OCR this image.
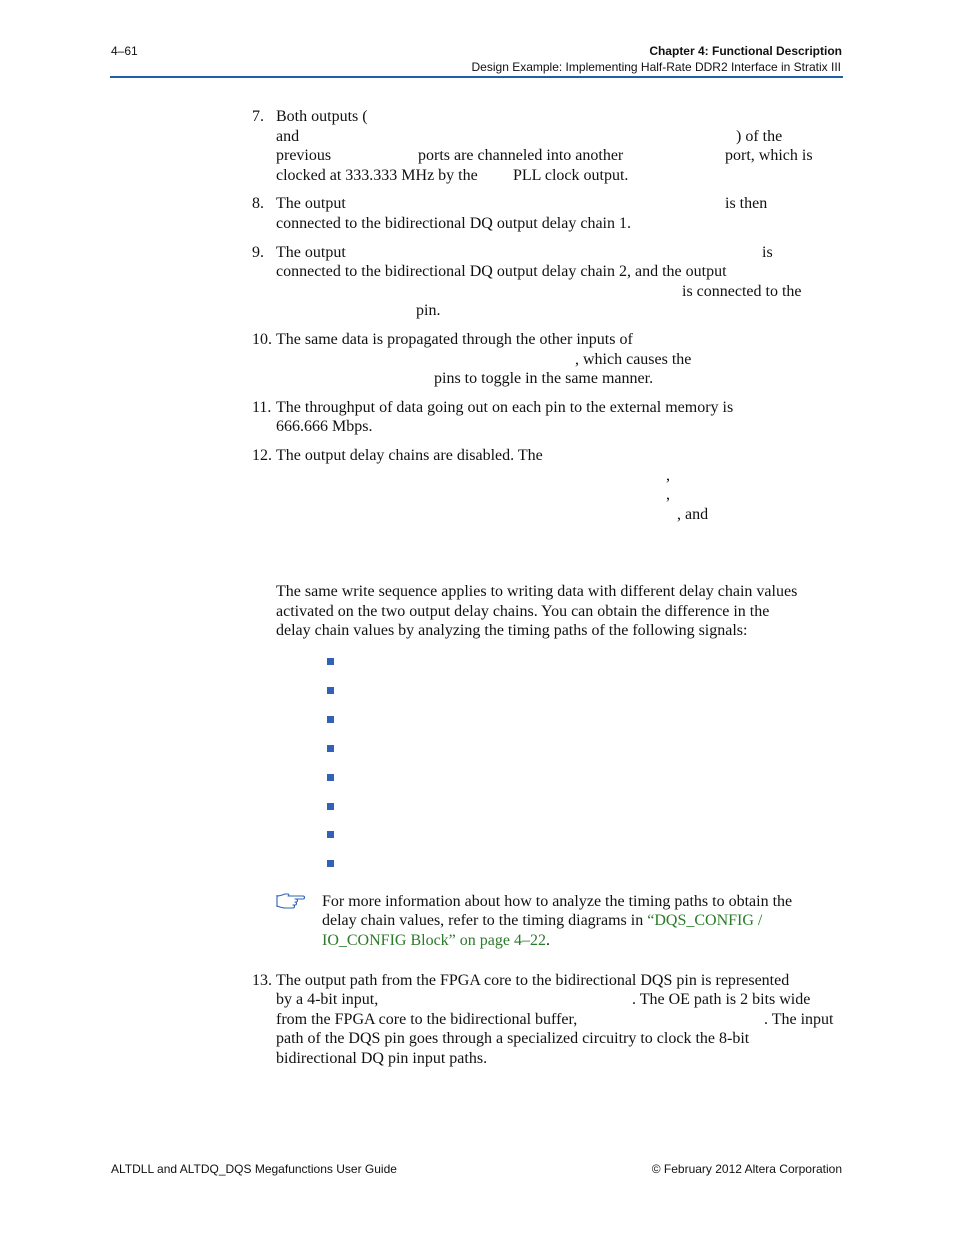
4–61	Chapter 4: Functional Description
Design Example: Implementing Half-Rate DDR2 Interface in Stratix III
7. Both outputs (
and	) of the
previous	ports are channeled into another	port, which is
clocked at 333.333 MHz by the PLL clock output.
8. The output	is then
connected to the bidirectional DQ output delay chain 1.
9. The output	is
connected to the bidirectional DQ output delay chain 2, and the output
is connected to the
pin.
10. The same data is propagated through the other inputs of
, which causes the
pins to toggle in the same manner.
11. The throughput of data going out on each pin to the external memory is
666.666 Mbps.
12. The output delay chains are disabled. The
,
,
, and
The same write sequence applies to writing data with different delay chain values
activated on the two output delay chains. You can obtain the difference in the
delay chain values by analyzing the timing paths of the following signals:
For more information about how to analyze the timing paths to obtain the
delay chain values, refer to the timing diagrams in “DQS_CONFIG /
IO_CONFIG Block” on page 4–22.
13. The output path from the FPGA core to the bidirectional DQS pin is represented
by a 4-bit input,	. The OE path is 2 bits wide
from the FPGA core to the bidirectional buffer,	. The input
path of the DQS pin goes through a specialized circuitry to clock the 8-bit
bidirectional DQ pin input paths.
ALTDLL and ALTDQ_DQS Megafunctions User Guide	© February 2012 Altera Corporation
